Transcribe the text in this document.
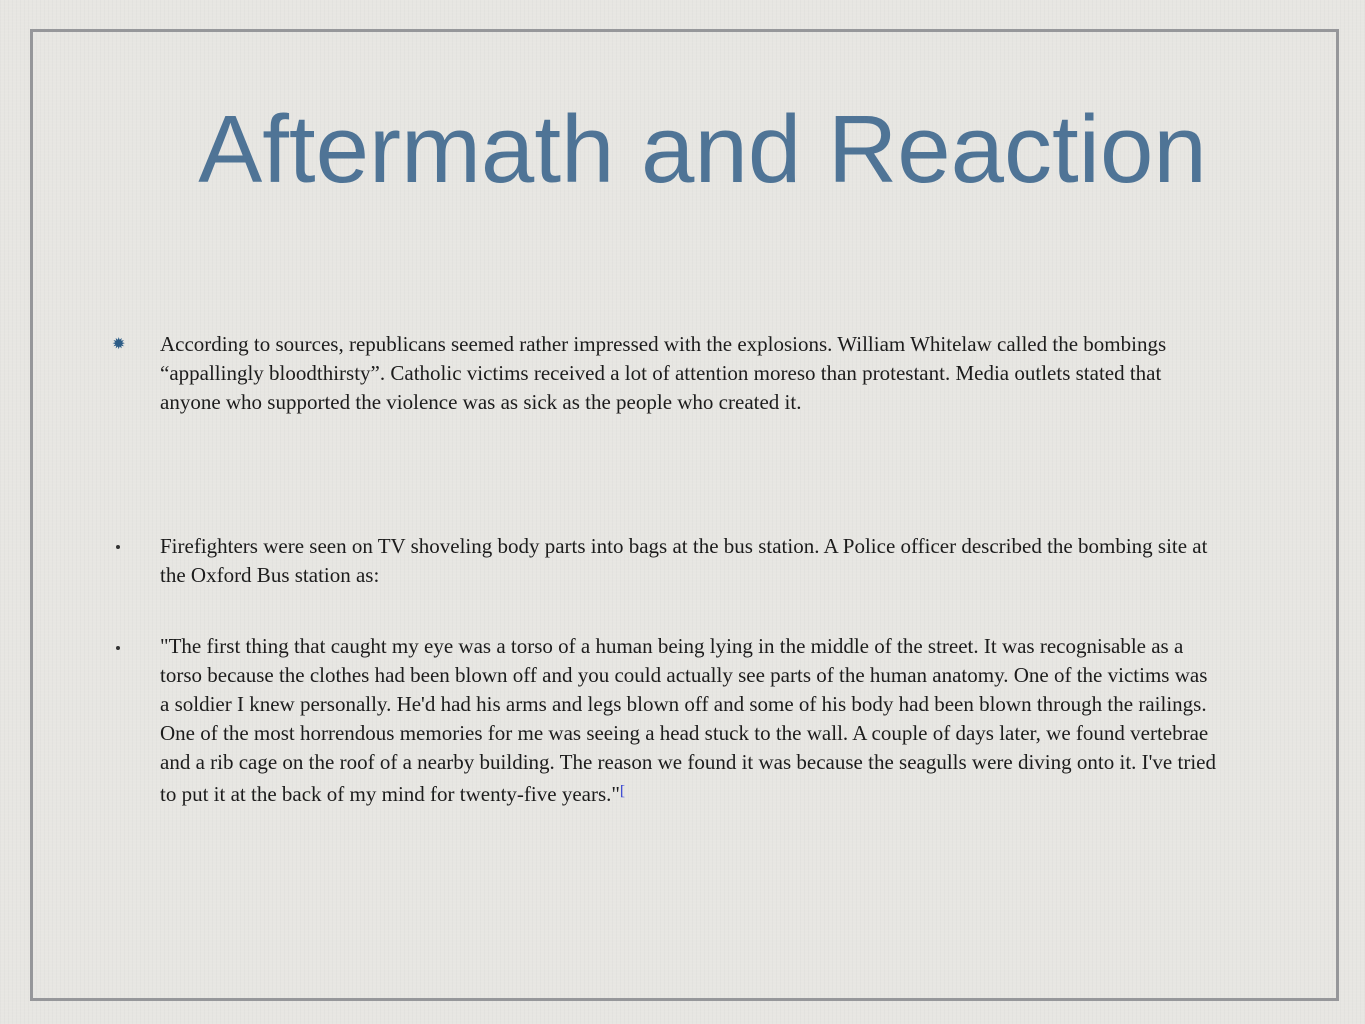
Aftermath and Reaction
✹ According to sources, republicans seemed rather impressed with the explosions. William Whitelaw called the bombings “appallingly bloodthirsty”. Catholic victims received a lot of attention moreso than protestant. Media outlets stated that anyone who supported the violence was as sick as the people who created it.
Firefighters were seen on TV shoveling body parts into bags at the bus station. A Police officer described the bombing site at the Oxford Bus station as:
"The first thing that caught my eye was a torso of a human being lying in the middle of the street. It was recognisable as a torso because the clothes had been blown off and you could actually see parts of the human anatomy. One of the victims was a soldier I knew personally. He'd had his arms and legs blown off and some of his body had been blown through the railings. One of the most horrendous memories for me was seeing a head stuck to the wall. A couple of days later, we found vertebrae and a rib cage on the roof of a nearby building. The reason we found it was because the seagulls were diving onto it. I've tried to put it at the back of my mind for twenty-five years."[
